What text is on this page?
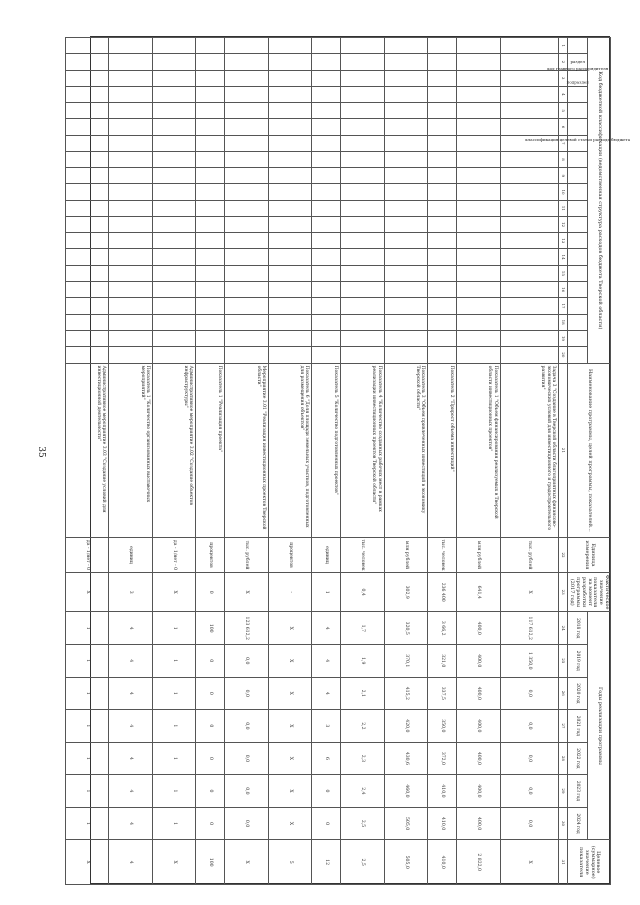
35
Код бюджетной классификации (ведомственная структура расходов бюджета Тверской области)																				Наименование программы, целей программы, показателей...	Единица измерения	Фактическое значение показателя на момент разработки программы (2017 год)	Годы реализации программы							Целевое (суммарное) значение показателя
код главного распорядителя	раздел	подраздел	классификация целевой статьи расхода бюджета																				2018 год	2019 год	2020 год	2021 год	2022 год	2023 год	2024 год	
1	2	3	4	5	6	7	8	9	10	11	12	13	14	15	16	17	18	19	20	21	22	23	24	25	26	27	28	29	30	31
																				Задача 3 "Создание в Тверской области благоприятных финансово-экономических условий для инвестиционного и градостроительного развития"	тыс. рублей	Х	117 612,2	1 350,0	0,0	0,0	0,0	0,0	0,0	Х
																				Показатель 1 "Объем финансирования реализуемых в Тверской области инвестиционных проектов"	млн рублей	641,4	400,0	400,0	400,0	400,0	400,0	400,0	400,0	2 822,0
																				Показатель 2 "Прирост объема инвестиций"	тыс. человек	236 400	3 66,2	321,0	337,5	350,0	372,0	410,0	410,0	410,0
																				Показатель 3 "Объем привлеченных инвестиций в экономику Тверской области"	млн рублей	302,9	320,5	370,1	415,2	420,0	430,6	460,0	505,0	505,0
																				Показатель 4 "Количество созданных рабочих мест в рамках реализации инвестиционных проектов Тверской области"	тыс. человек	0,4	1,7	1,9	2,1	2,2	2,3	2,4	2,5	2,5
																				Показатель 5 "Количество подготовленных проектов"	единиц	1	4	4	4	3	6	0	0	12
																				Показатель 6 "Доля площади земельных участков, подготовленных для размещения объектов"	процентов	-	Х	Х	Х	Х	Х	Х	Х	5
																				Мероприятие 3.01 "Реализация инвестиционных проектов Тверской области"	тыс. рублей	Х	123 612,2	0,0	0,0	0,0	0,0	0,0	0,0	Х
																				Показатель 1 "Реализация проекта"	процентов	0	100	0	0	0	0	0	0	100
																				Административное мероприятие 3.02 "Создание объектов инфраструктуры"	да - 1/нет - 0	Х	1	1	1	1	1	1	1	Х
																				Показатель 1 "Количество организованных выставочных мероприятий"	единиц	3	4	4	4	4	4	4	4	4
																				Административное мероприятие 3.03 "Создание условий для инвестиционной деятельности"	да - 1/нет - 0	Х	1	1	1	1	1	1	1	Х
